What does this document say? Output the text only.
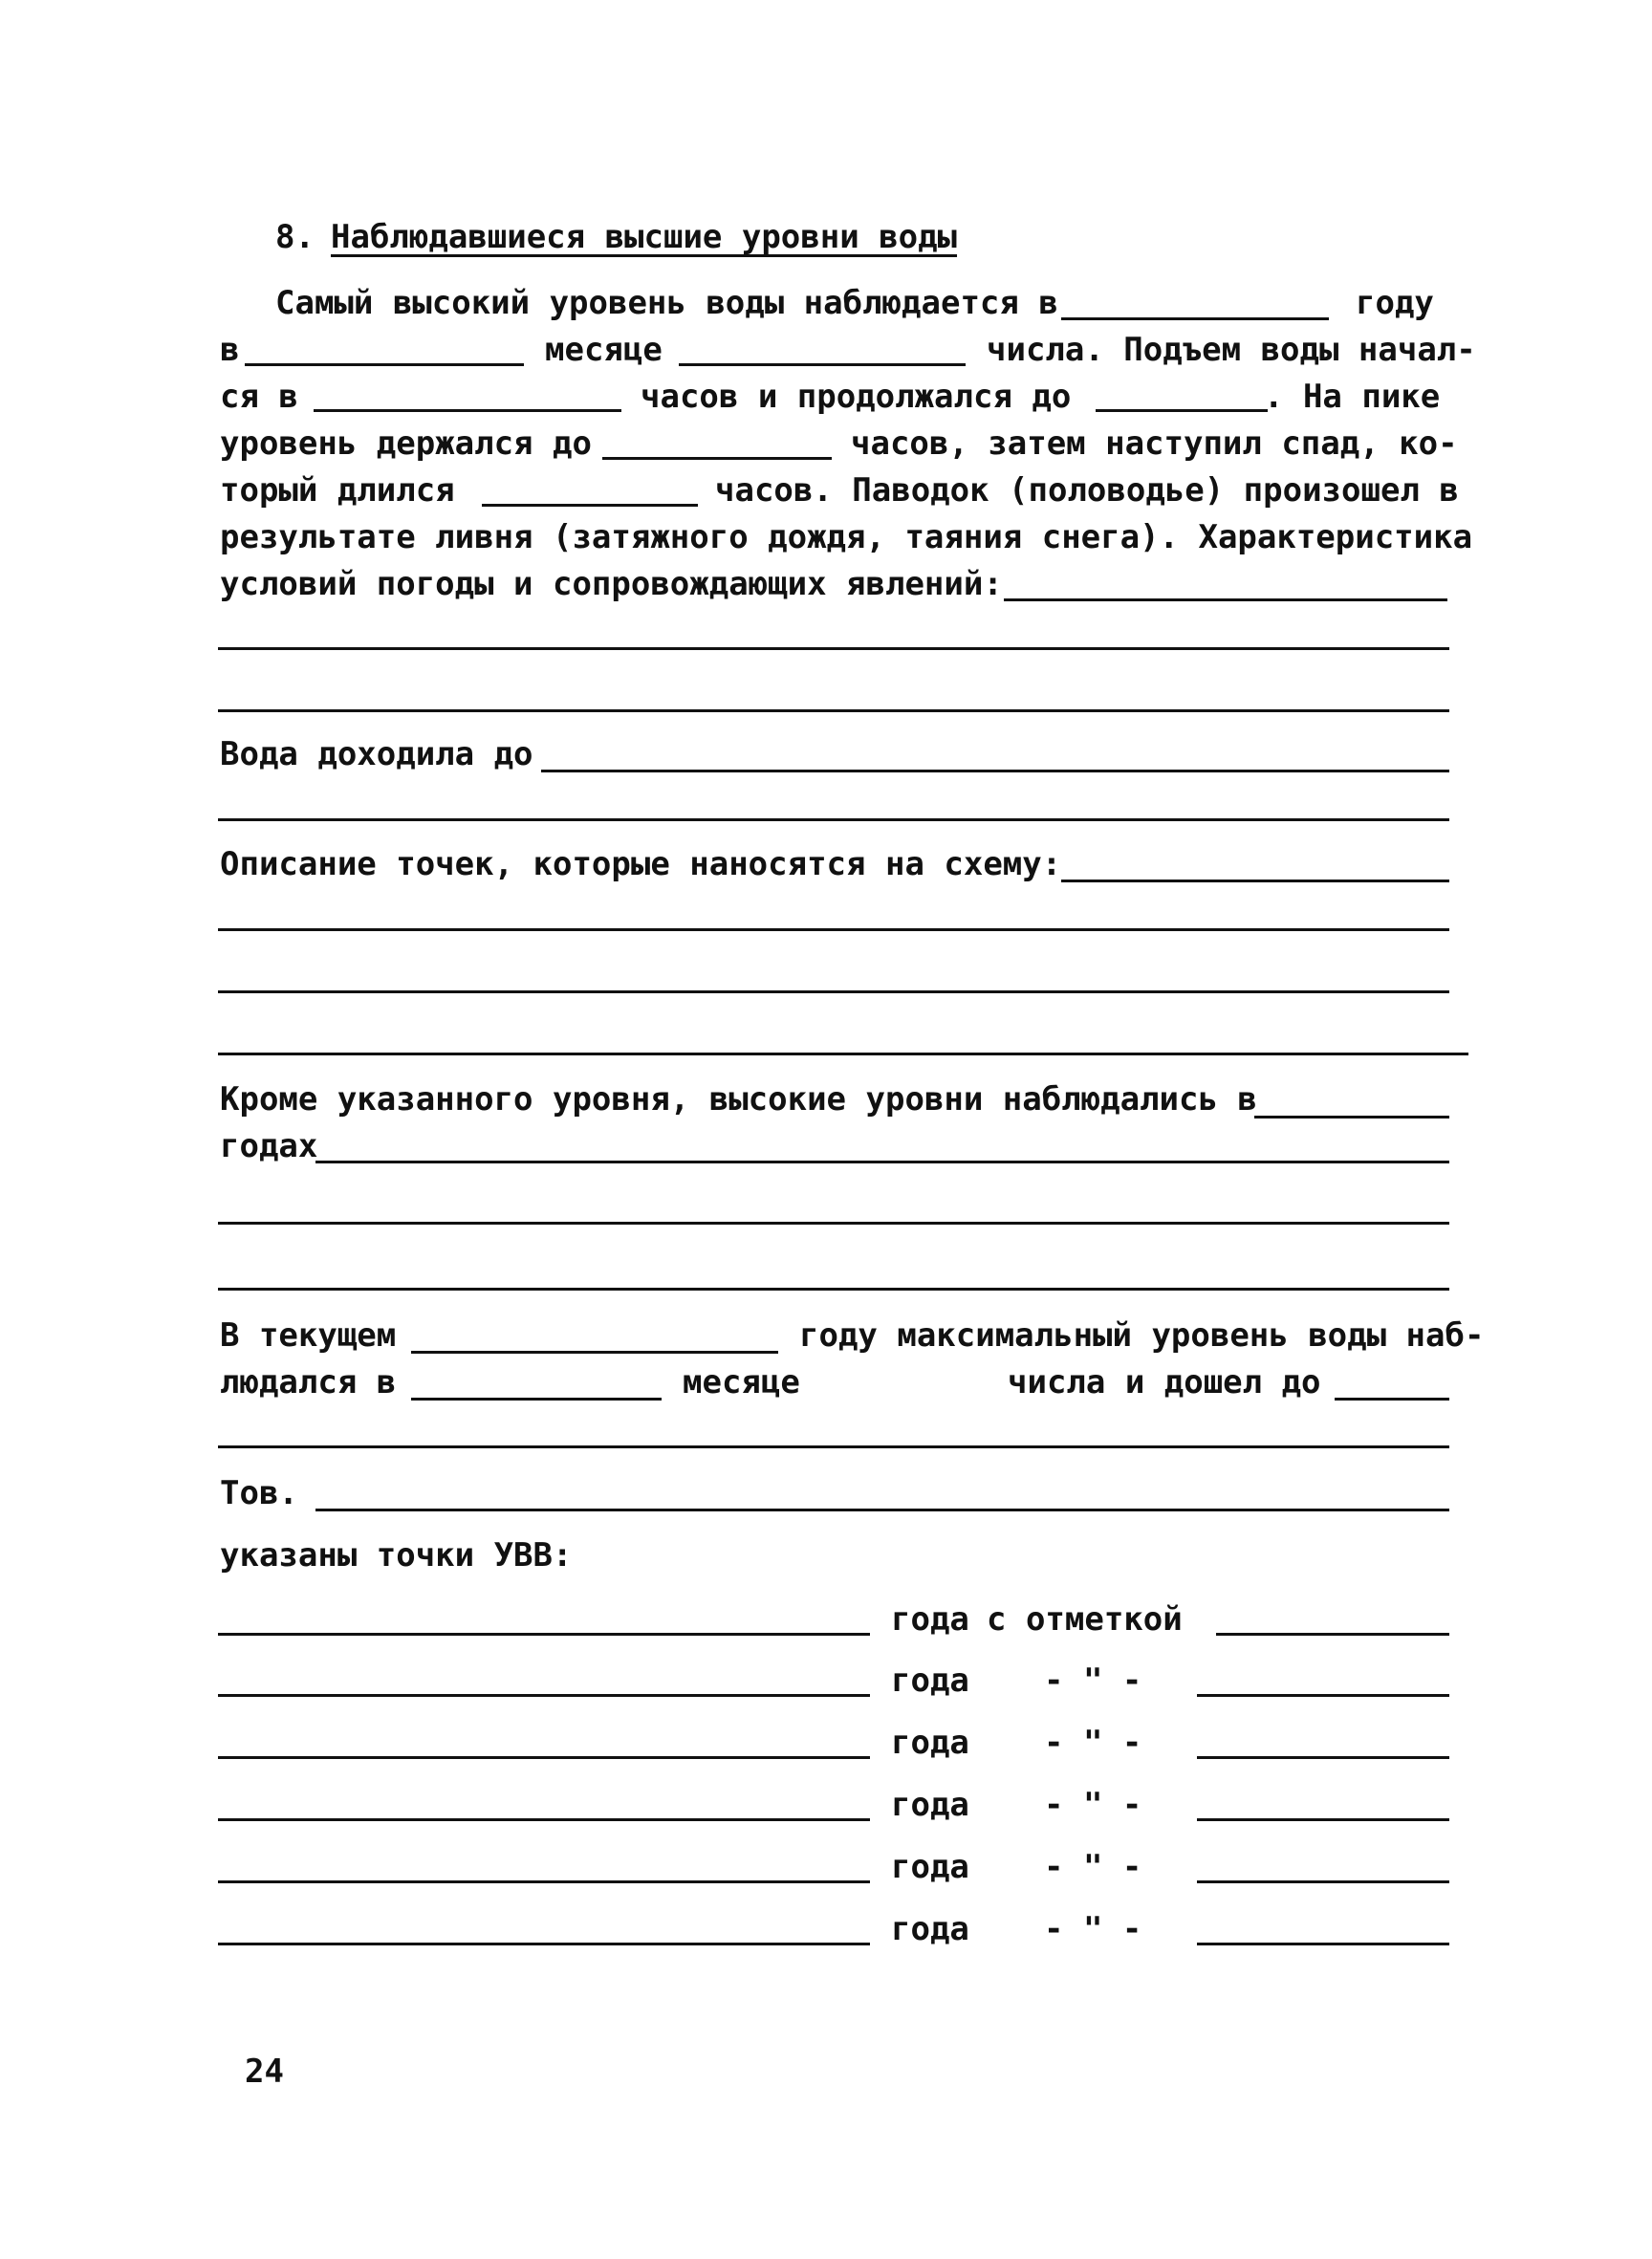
8. Наблюдавшиеся высшие уровни воды
Самый высокий уровень воды наблюдается в	году
в	месяце	числа. Подъем воды начал-
ся в	часов и продолжался до	. На пике
уровень держался до	часов, затем наступил спад, ко-
торый длился	часов. Паводок (половодье) произошел в
результате ливня (затяжного дождя, таяния снега). Характеристика
условий погоды и сопровождающих явлений:
Вода доходила до
Описание точек, которые наносятся на схему:
Кроме указанного уровня, высокие уровни наблюдались в
годах
В текущем	году максимальный уровень воды наб-
людался в	месяце	числа и дошел до
Тов.
указаны точки УВВ:
года с отметкой
года - " -
года - " -
года - " -
года - " -
года - " -
24
